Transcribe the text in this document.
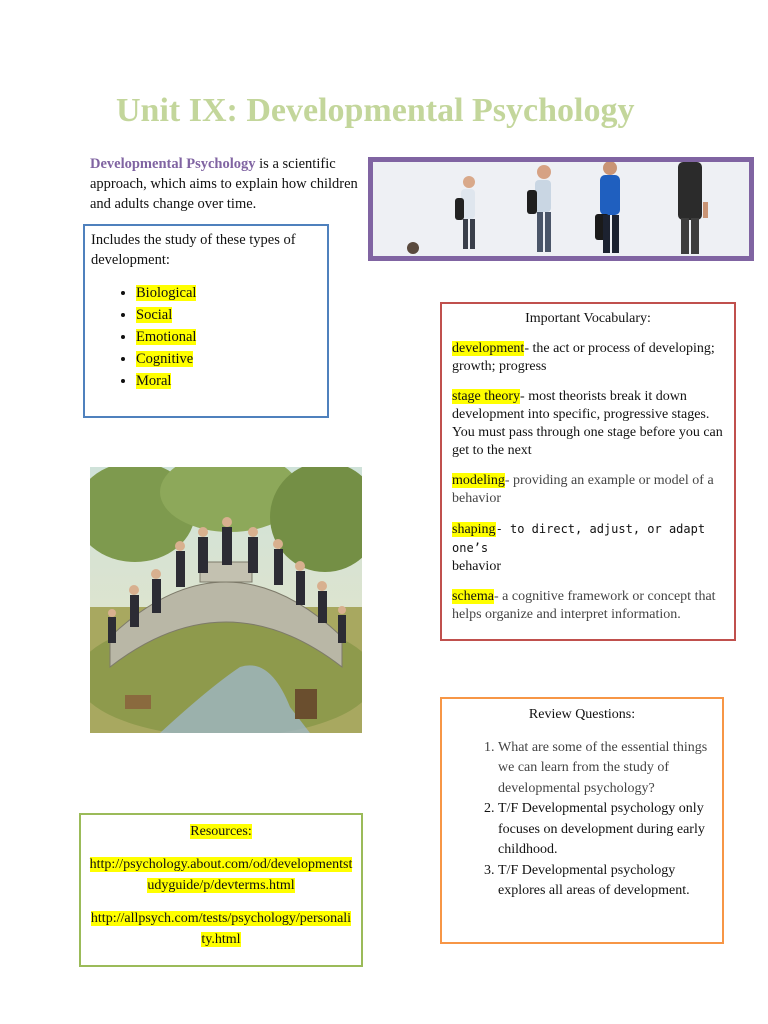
Unit IX: Developmental Psychology
Developmental Psychology is a scientific approach, which aims to explain how children and adults change over time.
Includes the study of these types of development:
• Biological
• Social
• Emotional
• Cognitive
• Moral
Important Vocabulary:

development- the act or process of developing; growth; progress

stage theory- most theorists break it down development into specific, progressive stages. You must pass through one stage before you can get to the next

modeling- providing an example or model of a behavior

shaping- to direct, adjust, or adapt one’s
behavior

schema- a cognitive framework or concept that helps organize and interpret information.

Review Questions:
1. What are some of the essential things we can learn from the study of developmental psychology?
2. T/F Developmental psychology only focuses on development during early childhood.
3. T/F Developmental psychology explores all areas of development.

Resources:

http://psychology.about.com/od/developmentstudyguide/p/devterms.html

http://allpsych.com/tests/psychology/personality.html
